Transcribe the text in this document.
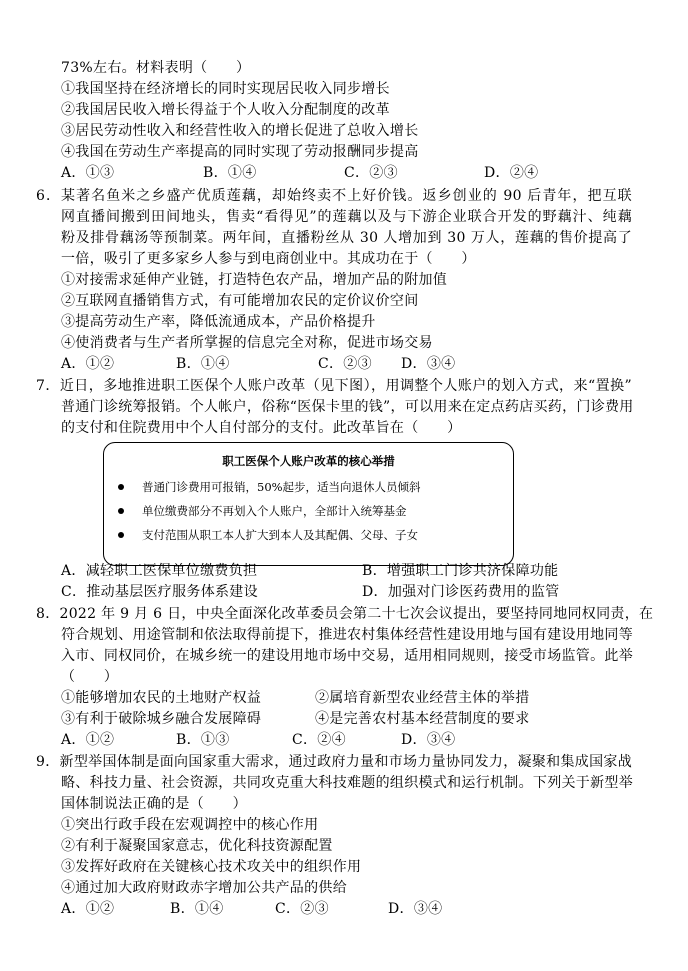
73%左右。材料表明（　　）
①我国坚持在经济增长的同时实现居民收入同步增长
②我国居民收入增长得益于个人收入分配制度的改革
③居民劳动性收入和经营性收入的增长促进了总收入增长
④我国在劳动生产率提高的同时实现了劳动报酬同步提高
A．①③	B．①④	C．②③	D．②④
6．某著名鱼米之乡盛产优质莲藕，却始终卖不上好价钱。返乡创业的 90 后青年，把互联
网直播间搬到田间地头，售卖“看得见”的莲藕以及与下游企业联合开发的野藕汁、纯藕
粉及排骨藕汤等预制菜。两年间，直播粉丝从 30 人增加到 30 万人，莲藕的售价提高了
一倍，吸引了更多家乡人参与到电商创业中。其成功在于（　　）
①对接需求延伸产业链，打造特色农产品，增加产品的附加值
②互联网直播销售方式，有可能增加农民的定价议价空间
③提高劳动生产率，降低流通成本，产品价格提升
④使消费者与生产者所掌握的信息完全对称，促进市场交易
A．①②	B．①④	C．②③ D．③④
7．近日，多地推进职工医保个人账户改革（见下图），用调整个人账户的划入方式，来“置换”
普通门诊统筹报销。个人帐户，俗称“医保卡里的钱”，可以用来在定点药店买药，门诊费用
的支付和住院费用中个人自付部分的支付。此改革旨在（　　）
职工医保个人账户改革的核心举措
普通门诊费用可报销，50%起步，适当向退休人员倾斜
单位缴费部分不再划入个人账户，全部计入统筹基金
支付范围从职工本人扩大到本人及其配偶、父母、子女
A．减轻职工医保单位缴费负担	B．增强职工门诊共济保障功能
C．推动基层医疗服务体系建设	D．加强对门诊医药费用的监管
8．2022 年 9 月 6 日，中央全面深化改革委员会第二十七次会议提出，要坚持同地同权同责，在
符合规划、用途管制和依法取得前提下，推进农村集体经营性建设用地与国有建设用地同等
入市、同权同价，在城乡统一的建设用地市场中交易，适用相同规则，接受市场监管。此举
（　　）
①能够增加农民的土地财产权益	②属培育新型农业经营主体的举措
③有利于破除城乡融合发展障碍	④是完善农村基本经营制度的要求
A．①②	B．①③	C．②④	D．③④
9．新型举国体制是面向国家重大需求，通过政府力量和市场力量协同发力，凝聚和集成国家战
略、科技力量、社会资源，共同攻克重大科技难题的组织模式和运行机制。下列关于新型举
国体制说法正确的是（　　）
①突出行政手段在宏观调控中的核心作用
②有利于凝聚国家意志，优化科技资源配置
③发挥好政府在关键核心技术攻关中的组织作用
④通过加大政府财政赤字增加公共产品的供给
A．①②	B．①④	C．②③	D．③④
